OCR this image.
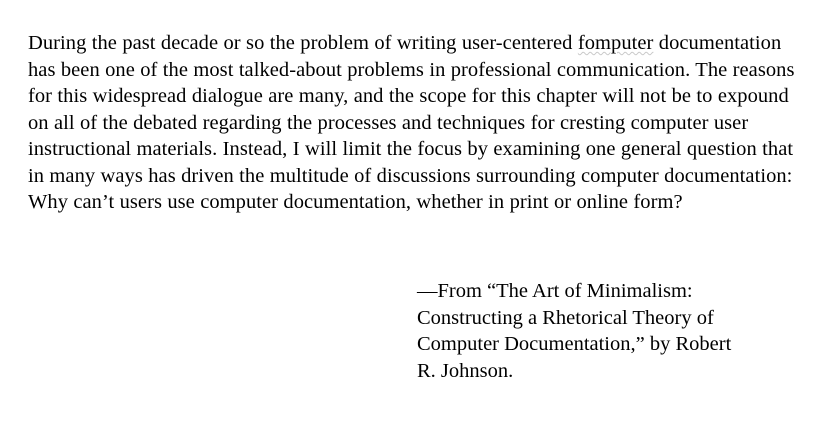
During the past decade or so the problem of writing user-centered fomputer documentation has been one of the most talked-about problems in professional communication. The reasons for this widespread dialogue are many, and the scope for this chapter will not be to expound on all of the debated regarding the processes and techniques for cresting computer user instructional materials. Instead, I will limit the focus by examining one general question that in many ways has driven the multitude of discussions surrounding computer documentation: Why can’t users use computer documentation, whether in print or online form?

—From “The Art of Minimalism:

Constructing a Rhetorical Theory of

Computer Documentation,” by Robert

R. Johnson.
